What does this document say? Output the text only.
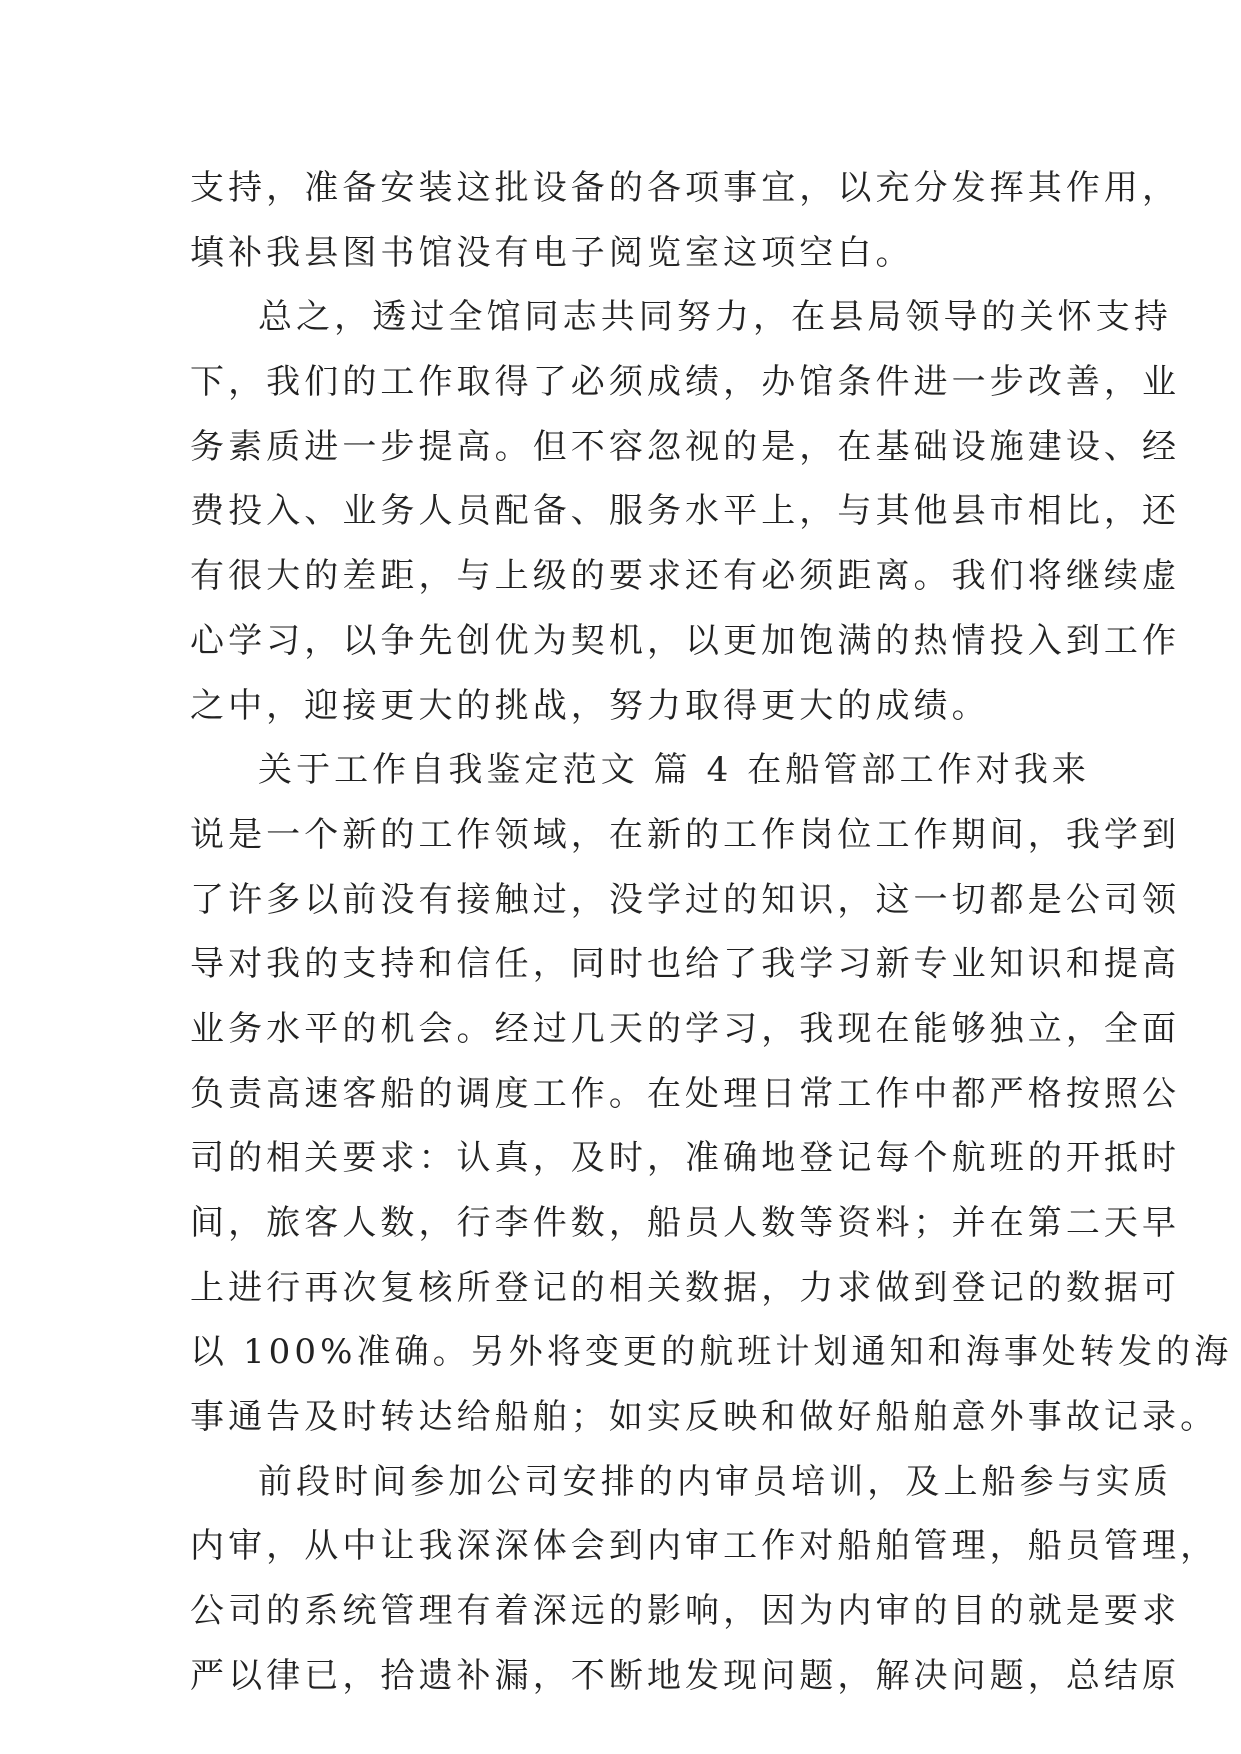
支持，准备安装这批设备的各项事宜，以充分发挥其作用，
填补我县图书馆没有电子阅览室这项空白。
总之，透过全馆同志共同努力，在县局领导的关怀支持
下，我们的工作取得了必须成绩，办馆条件进一步改善，业
务素质进一步提高。但不容忽视的是，在基础设施建设、经
费投入、业务人员配备、服务水平上，与其他县市相比，还
有很大的差距，与上级的要求还有必须距离。我们将继续虚
心学习，以争先创优为契机，以更加饱满的热情投入到工作
之中，迎接更大的挑战，努力取得更大的成绩。
关于工作自我鉴定范文 篇 4 在船管部工作对我来
说是一个新的工作领域，在新的工作岗位工作期间，我学到
了许多以前没有接触过，没学过的知识，这一切都是公司领
导对我的支持和信任，同时也给了我学习新专业知识和提高
业务水平的机会。经过几天的学习，我现在能够独立，全面
负责高速客船的调度工作。在处理日常工作中都严格按照公
司的相关要求：认真，及时，准确地登记每个航班的开抵时
间，旅客人数，行李件数，船员人数等资料；并在第二天早
上进行再次复核所登记的相关数据，力求做到登记的数据可
以 100%准确。另外将变更的航班计划通知和海事处转发的海
事通告及时转达给船舶；如实反映和做好船舶意外事故记录。
前段时间参加公司安排的内审员培训，及上船参与实质
内审，从中让我深深体会到内审工作对船舶管理，船员管理，
公司的系统管理有着深远的影响，因为内审的目的就是要求
严以律已，拾遗补漏，不断地发现问题，解决问题，总结原
